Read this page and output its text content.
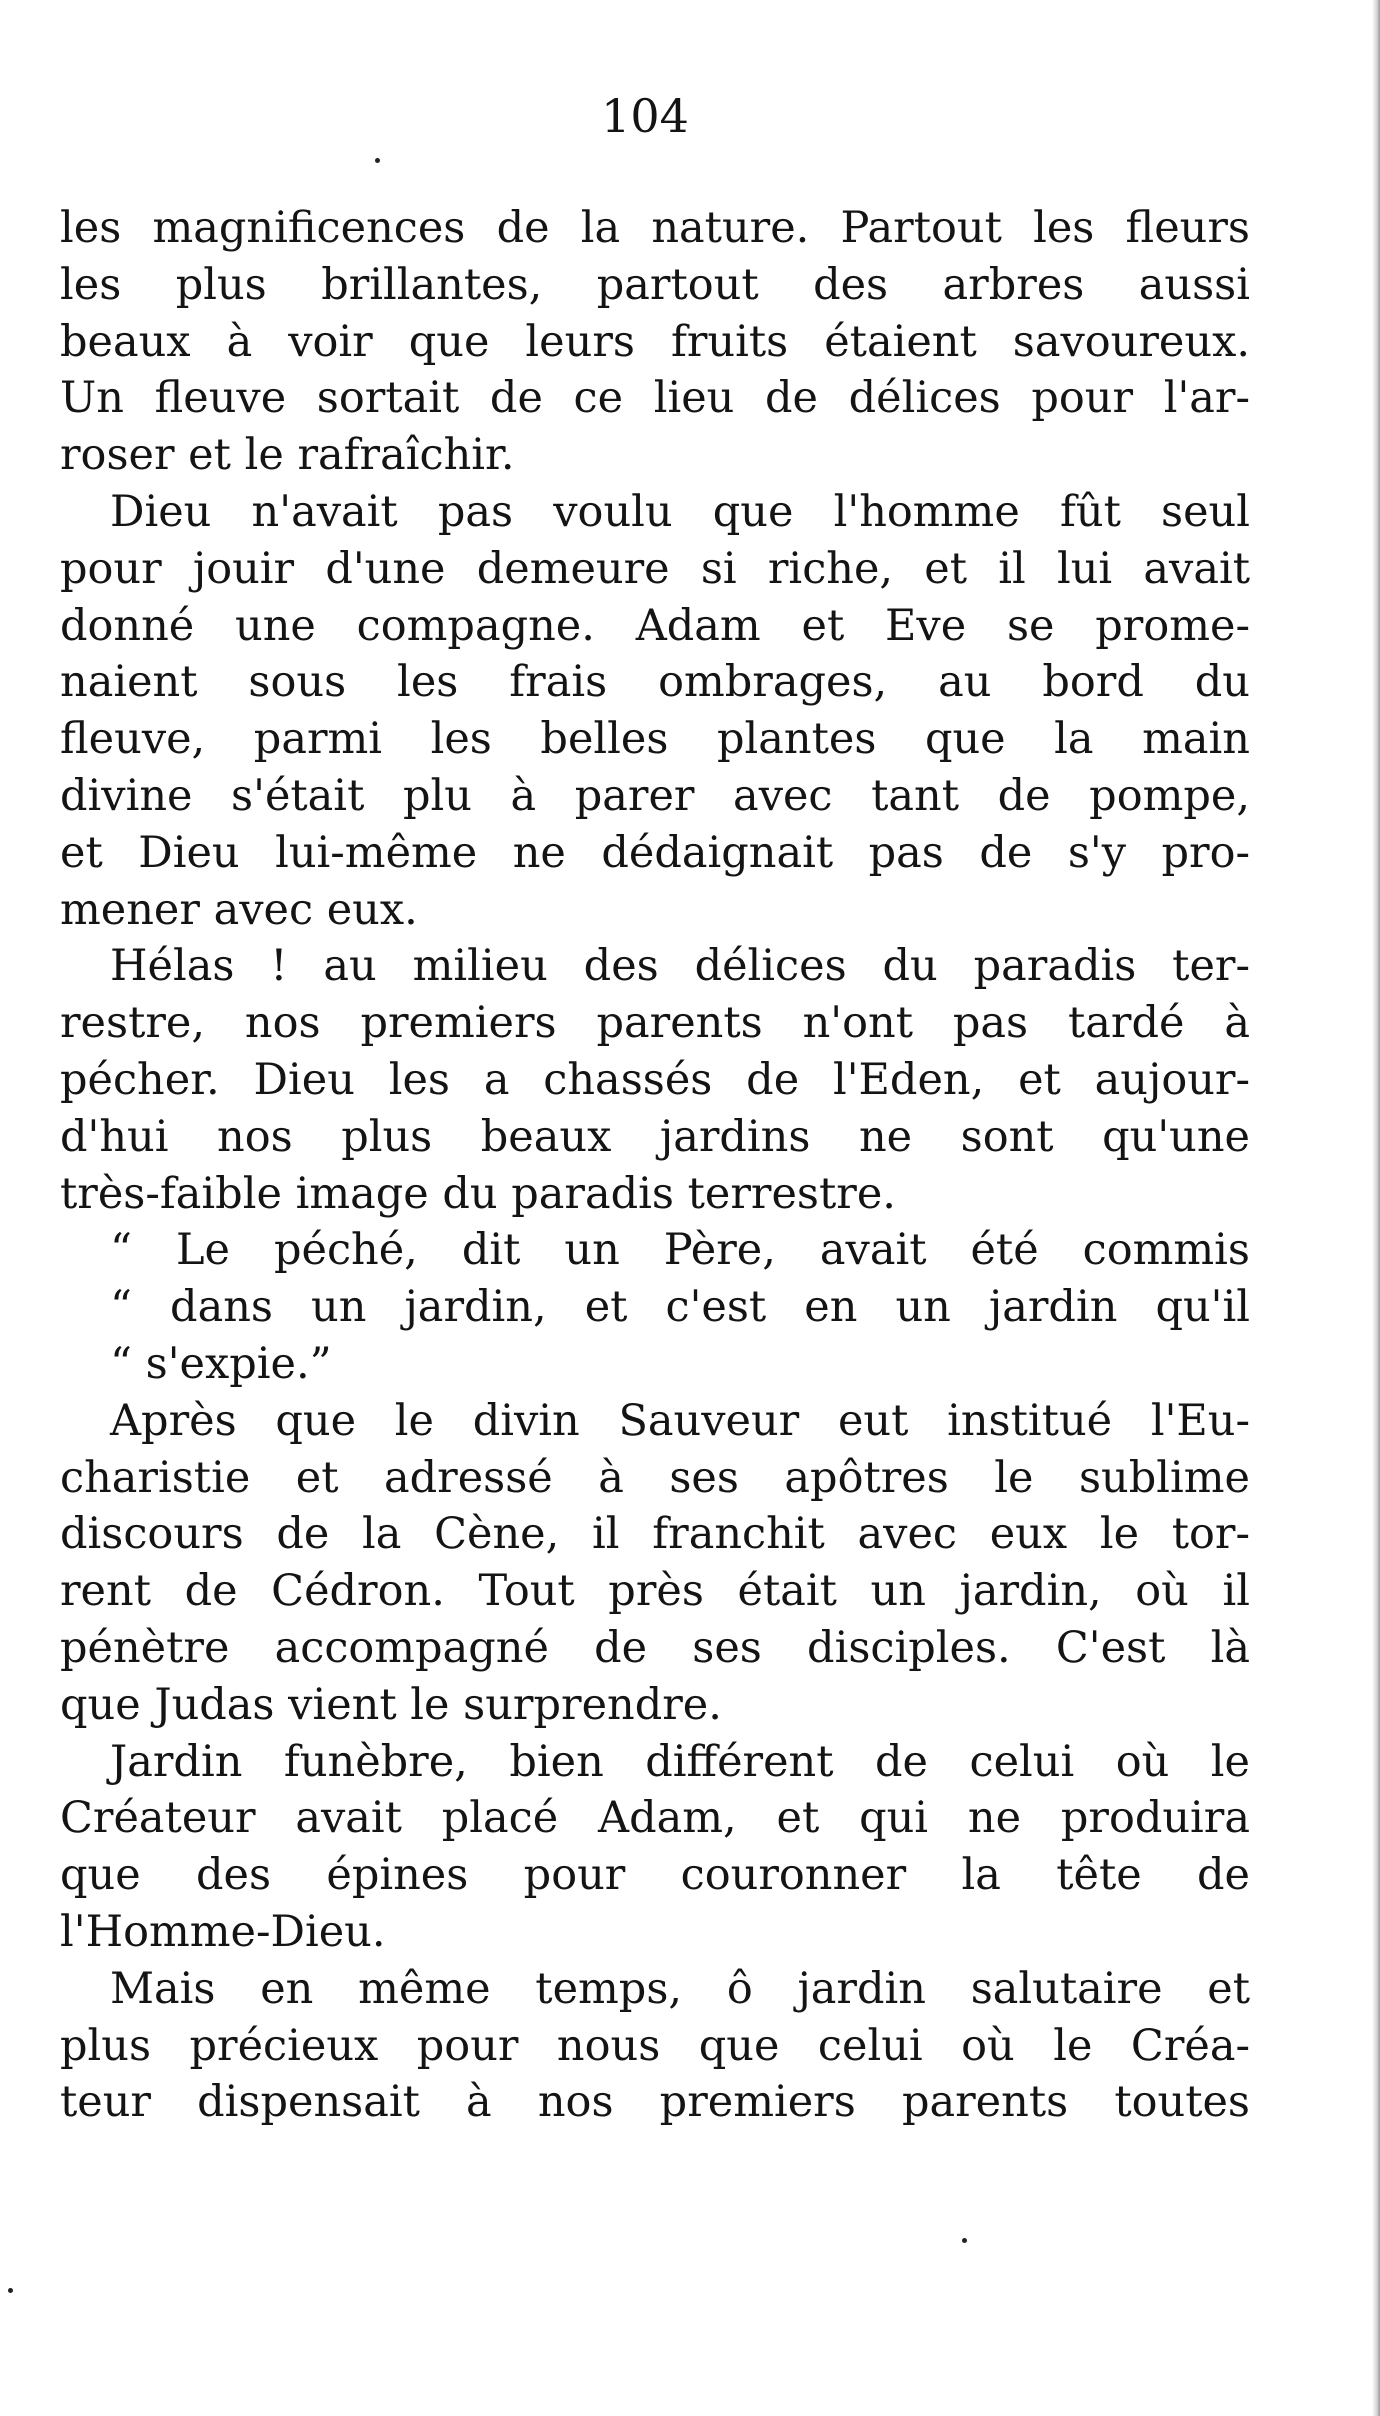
104
les magnificences de la nature. Partout les fleurs
les plus brillantes, partout des arbres aussi
beaux à voir que leurs fruits étaient savoureux.
Un fleuve sortait de ce lieu de délices pour l'ar-
roser et le rafraîchir.
Dieu n'avait pas voulu que l'homme fût seul
pour jouir d'une demeure si riche, et il lui avait
donné une compagne. Adam et Eve se prome-
naient sous les frais ombrages, au bord du
fleuve, parmi les belles plantes que la main
divine s'était plu à parer avec tant de pompe,
et Dieu lui-même ne dédaignait pas de s'y pro-
mener avec eux.
Hélas ! au milieu des délices du paradis ter-
restre, nos premiers parents n'ont pas tardé à
pécher. Dieu les a chassés de l'Eden, et aujour-
d'hui nos plus beaux jardins ne sont qu'une
très-faible image du paradis terrestre.
“ Le péché, dit un Père, avait été commis
“ dans un jardin, et c'est en un jardin qu'il
“ s'expie.”
Après que le divin Sauveur eut institué l'Eu-
charistie et adressé à ses apôtres le sublime
discours de la Cène, il franchit avec eux le tor-
rent de Cédron. Tout près était un jardin, où il
pénètre accompagné de ses disciples. C'est là
que Judas vient le surprendre.
Jardin funèbre, bien différent de celui où le
Créateur avait placé Adam, et qui ne produira
que des épines pour couronner la tête de
l'Homme-Dieu.
Mais en même temps, ô jardin salutaire et
plus précieux pour nous que celui où le Créa-
teur dispensait à nos premiers parents toutes
